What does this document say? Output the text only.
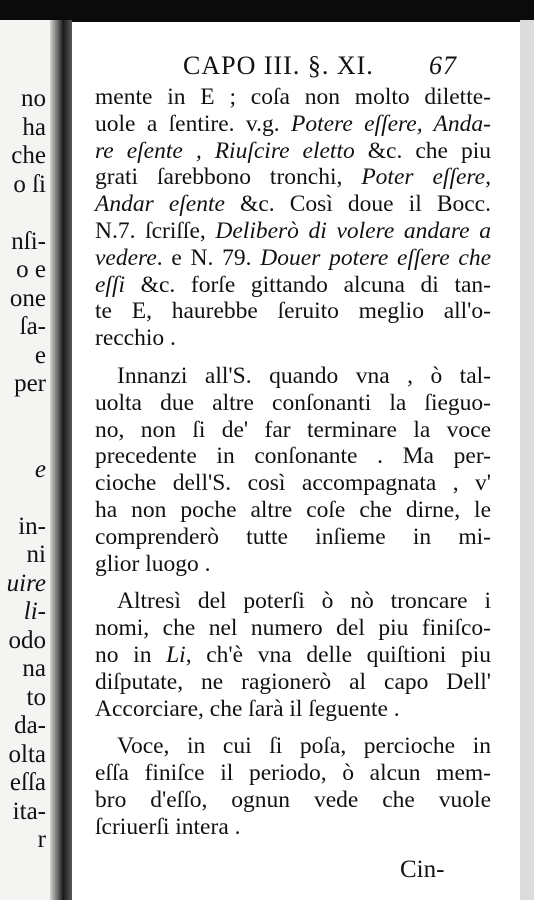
no
ha
che
o ſi
nſi-
o e
one
ſa-
e
per
e
in-
ni
uire
li-
odo
na
to
da-
olta
eſſa
ita-
r
CAPO III. §. XI. 67
mente in E ; coſa non molto dilette-
uole a ſentire. v.g. Potere eſſere, Anda-
re eſente , Riuſcire eletto &c. che piu
grati ſarebbono tronchi, Poter eſſere,
Andar eſente &c. Così doue il Bocc.
N.7. ſcriſſe, Deliberò di volere andare a
vedere. e N. 79. Douer potere eſſere che
eſſi &c. forſe gittando alcuna di tan-
te E, haurebbe ſeruito meglio all'o-
recchio .
Innanzi all'S. quando vna , ò tal-
uolta due altre conſonanti la ſieguo-
no, non ſi de' far terminare la voce
precedente in conſonante . Ma per-
cioche dell'S. così accompagnata , v'
ha non poche altre coſe che dirne, le
comprenderò tutte inſieme in mi-
glior luogo .
Altresì del poterſi ò nò troncare i
nomi, che nel numero del piu finiſco-
no in Li, ch'è vna delle quiſtioni piu
diſputate, ne ragionerò al capo Dell'
Accorciare, che ſarà il ſeguente .
Voce, in cui ſi poſa, percioche in
eſſa finiſce il periodo, ò alcun mem-
bro d'eſſo, ognun vede che vuole
ſcriuerſi intera .
Cin-
